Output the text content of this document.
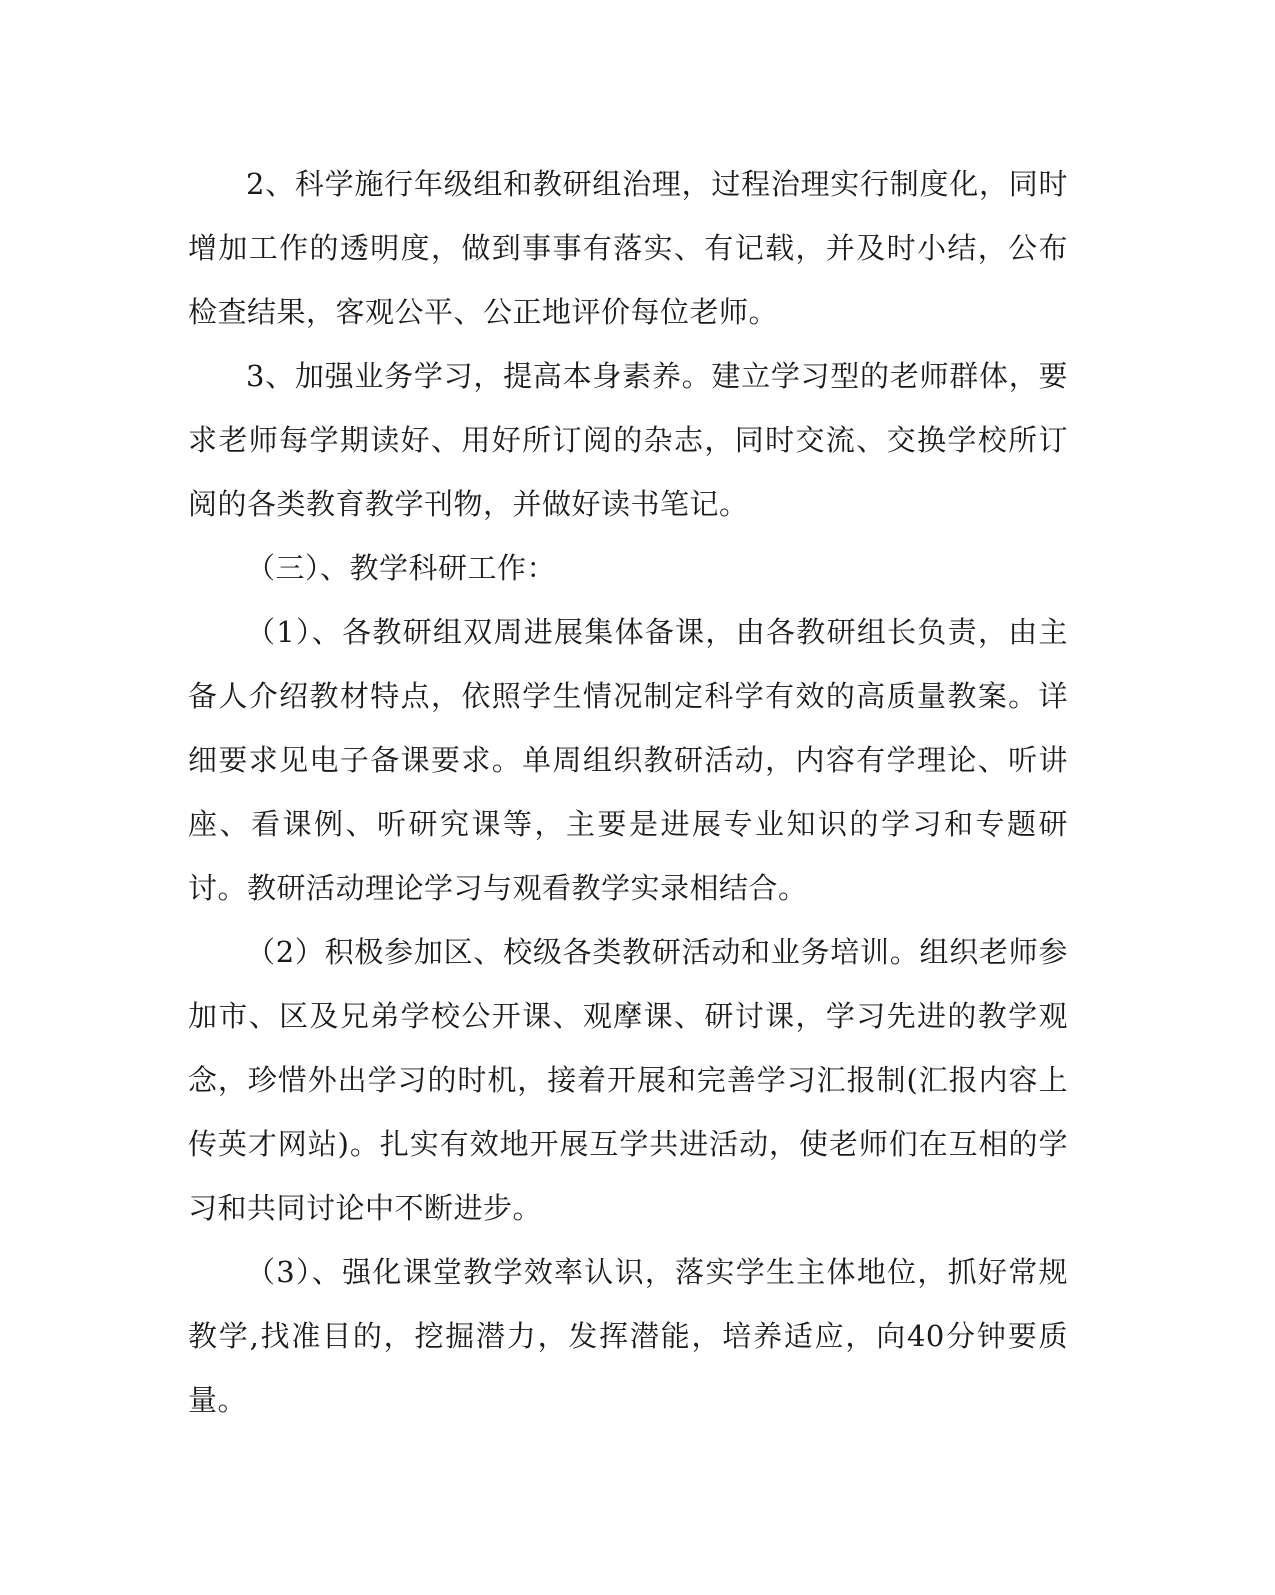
2、科学施行年级组和教研组治理，过程治理实行制度化，同时增加工作的透明度，做到事事有落实、有记载，并及时小结，公布检查结果，客观公平、公正地评价每位老师。

3、加强业务学习，提高本身素养。建立学习型的老师群体，要求老师每学期读好、用好所订阅的杂志，同时交流、交换学校所订阅的各类教育教学刊物，并做好读书笔记。

（三）、教学科研工作：

（1）、各教研组双周进展集体备课，由各教研组长负责，由主备人介绍教材特点，依照学生情况制定科学有效的高质量教案。详细要求见电子备课要求。单周组织教研活动，内容有学理论、听讲座、看课例、听研究课等，主要是进展专业知识的学习和专题研讨。教研活动理论学习与观看教学实录相结合。

（2）积极参加区、校级各类教研活动和业务培训。组织老师参加市、区及兄弟学校公开课、观摩课、研讨课，学习先进的教学观念，珍惜外出学习的时机，接着开展和完善学习汇报制(汇报内容上传英才网站)。扎实有效地开展互学共进活动，使老师们在互相的学习和共同讨论中不断进步。

（3）、强化课堂教学效率认识，落实学生主体地位，抓好常规教学,找准目的，挖掘潜力，发挥潜能，培养适应，向40分钟要质量。
